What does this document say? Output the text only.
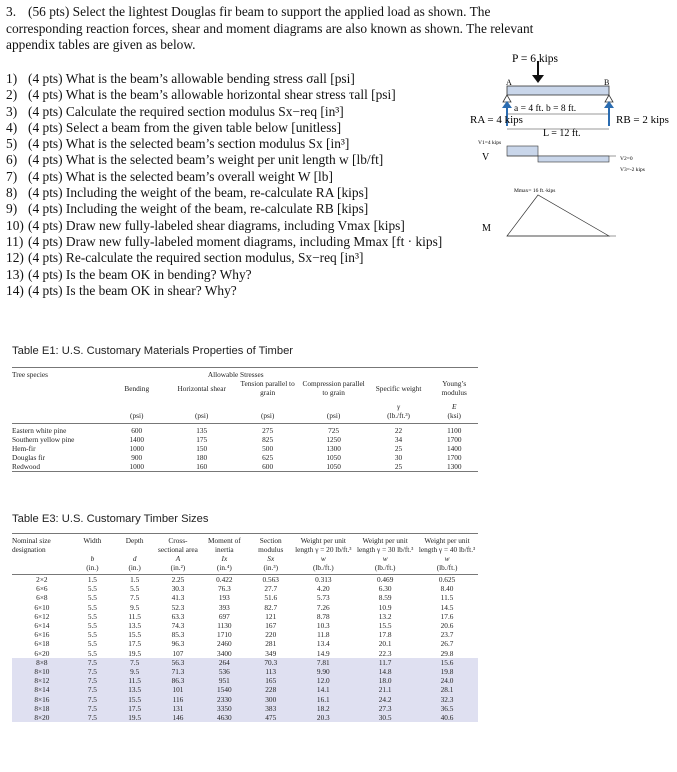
3. (56 pts) Select the lightest Douglas fir beam to support the applied load as shown. The corresponding reaction forces, shear and moment diagrams are also known as shown. The relevant appendix tables are given as below.
1) (4 pts) What is the beam’s allowable bending stress σall [psi]
2) (4 pts) What is the beam’s allowable horizontal shear stress τall [psi]
3) (4 pts) Calculate the required section modulus Sx−req [in³]
4) (4 pts) Select a beam from the given table below [unitless]
5) (4 pts) What is the selected beam’s section modulus Sx [in³]
6) (4 pts) What is the selected beam’s weight per unit length w [lb/ft]
7) (4 pts) What is the selected beam’s overall weight W [lb]
8) (4 pts) Including the weight of the beam, re-calculate RA [kips]
9) (4 pts) Including the weight of the beam, re-calculate RB [kips]
10) (4 pts) Draw new fully-labeled shear diagrams, including Vmax [kips]
11) (4 pts) Draw new fully-labeled moment diagrams, including Mmax [ft · kips]
12) (4 pts) Re-calculate the required section modulus, Sx−req [in³]
13) (4 pts) Is the beam OK in bending? Why?
14) (4 pts) Is the beam OK in shear? Why?
P = 6 kips
A	B
a = 4 ft. b = 8 ft.
L = 12 ft.
RA = 4 kips	RB = 2 kips
V
V1=4 kips
V2=0
V3=-2 kips
M
Mmax= 16 ft.·kips
Table E1: U.S. Customary Materials Properties of Timber
Tree species	Allowable Stresses					
	Bending	Horizontal shear	Tension parallel to grain	Compression parallel to grain	Specific weight	Young’s modulus
					γ	E
	(psi)	(psi)	(psi)	(psi)	(lb./ft.³)	(ksi)
Eastern white pine	600	135	275	725	22	1100
Southern yellow pine	1400	175	825	1250	34	1700
Hem-fir	1000	150	500	1300	25	1400
Douglas fir	900	180	625	1050	30	1700
Redwood	1000	160	600	1050	25	1300
Table E3: U.S. Customary Timber Sizes
Nominal size designation	Width	Depth	Cross-sectional area	Moment of inertia	Section modulus	Weight per unit length γ = 20 lb/ft.³	Weight per unit length γ = 30 lb/ft.³	Weight per unit length γ = 40 lb/ft.³
	b	d	A	Ix	Sx	w	w	w
	(in.)	(in.)	(in.²)	(in.⁴)	(in.³)	(lb./ft.)	(lb./ft.)	(lb./ft.)
2×2	1.5	1.5	2.25	0.422	0.563	0.313	0.469	0.625
6×6	5.5	5.5	30.3	76.3	27.7	4.20	6.30	8.40
6×8	5.5	7.5	41.3	193	51.6	5.73	8.59	11.5
6×10	5.5	9.5	52.3	393	82.7	7.26	10.9	14.5
6×12	5.5	11.5	63.3	697	121	8.78	13.2	17.6
6×14	5.5	13.5	74.3	1130	167	10.3	15.5	20.6
6×16	5.5	15.5	85.3	1710	220	11.8	17.8	23.7
6×18	5.5	17.5	96.3	2460	281	13.4	20.1	26.7
6×20	5.5	19.5	107	3400	349	14.9	22.3	29.8
8×8	7.5	7.5	56.3	264	70.3	7.81	11.7	15.6
8×10	7.5	9.5	71.3	536	113	9.90	14.8	19.8
8×12	7.5	11.5	86.3	951	165	12.0	18.0	24.0
8×14	7.5	13.5	101	1540	228	14.1	21.1	28.1
8×16	7.5	15.5	116	2330	300	16.1	24.2	32.3
8×18	7.5	17.5	131	3350	383	18.2	27.3	36.5
8×20	7.5	19.5	146	4630	475	20.3	30.5	40.6
